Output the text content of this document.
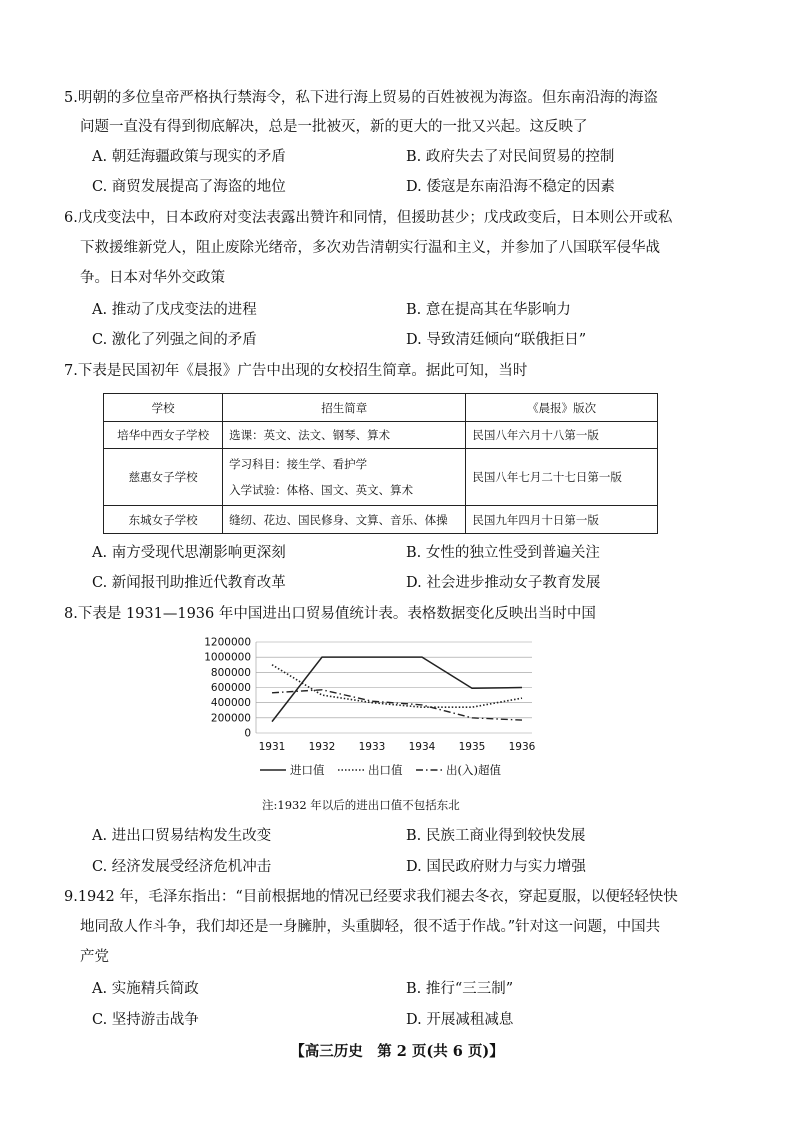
5.明朝的多位皇帝严格执行禁海令，私下进行海上贸易的百姓被视为海盗。但东南沿海的海盗
问题一直没有得到彻底解决，总是一批被灭，新的更大的一批又兴起。这反映了
A. 朝廷海疆政策与现实的矛盾	B. 政府失去了对民间贸易的控制
C. 商贸发展提高了海盗的地位	D. 倭寇是东南沿海不稳定的因素
6.戊戌变法中，日本政府对变法表露出赞许和同情，但援助甚少；戊戌政变后，日本则公开或私
下救援维新党人，阻止废除光绪帝，多次劝告清朝实行温和主义，并参加了八国联军侵华战
争。日本对华外交政策
A. 推动了戊戌变法的进程	B. 意在提高其在华影响力
C. 激化了列强之间的矛盾	D. 导致清廷倾向“联俄拒日”
7.下表是民国初年《晨报》广告中出现的女校招生简章。据此可知，当时
学校	招生简章	《晨报》版次
培华中西女子学校	选课：英文、法文、钢琴、算术	民国八年六月十八第一版
慈惠女子学校	学习科目：接生学、看护学
入学试验：体格、国文、英文、算术	民国八年七月二十七日第一版
东城女子学校	缝纫、花边、国民修身、文算、音乐、体操	民国九年四月十日第一版
A. 南方受现代思潮影响更深刻	B. 女性的独立性受到普遍关注
C. 新闻报刊助推近代教育改革	D. 社会进步推动女子教育发展
8.下表是 1931—1936 年中国进出口贸易值统计表。表格数据变化反映出当时中国
0
200000
400000
600000
800000
1000000
1200000
1931 1932 1933 1934 1935 1936
进口值	出口值	出(入)超值
注:1932 年以后的进出口值不包括东北
A. 进出口贸易结构发生改变	B. 民族工商业得到较快发展
C. 经济发展受经济危机冲击	D. 国民政府财力与实力增强
9.1942 年，毛泽东指出：“目前根据地的情况已经要求我们褪去冬衣，穿起夏服，以便轻轻快快
地同敌人作斗争，我们却还是一身臃肿，头重脚轻，很不适于作战。”针对这一问题，中国共
产党
A. 实施精兵简政	B. 推行“三三制”
C. 坚持游击战争	D. 开展减租减息
【高三历史　第 2 页(共 6 页)】
